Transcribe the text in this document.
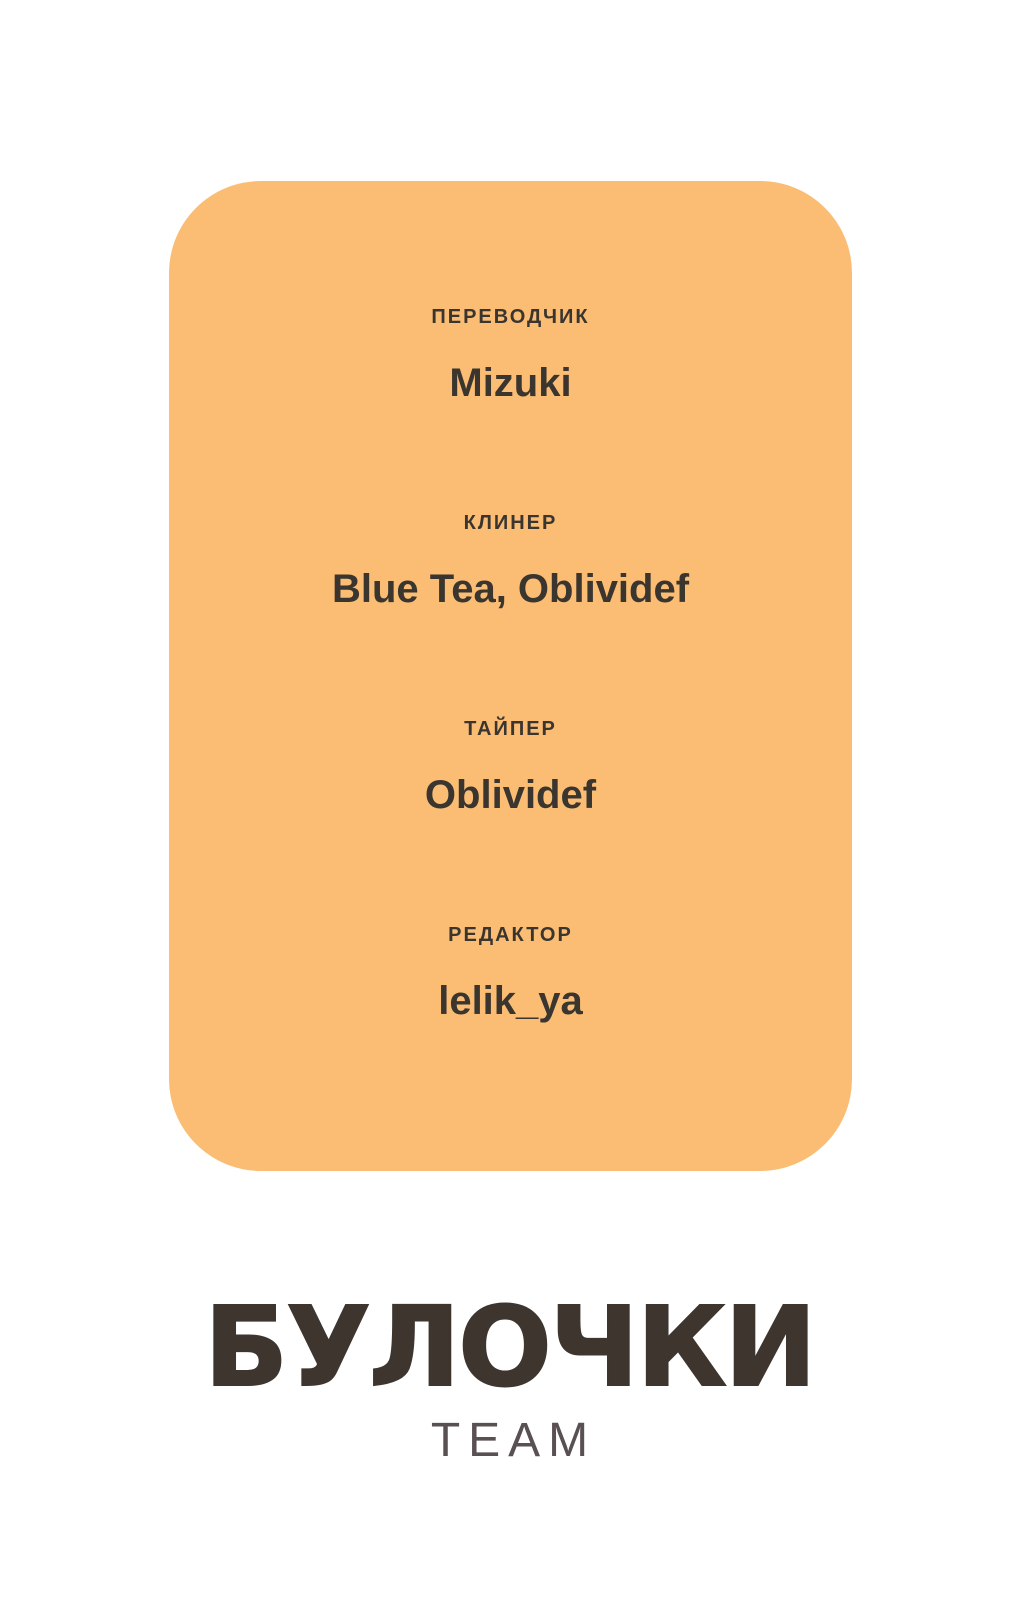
ПЕРЕВОДЧИК
Mizuki
КЛИНЕР
Blue Tea, Oblividef
ТАЙПЕР
Oblividef
РЕДАКТОР
lelik_ya
БУЛОЧКИ
TEAM
